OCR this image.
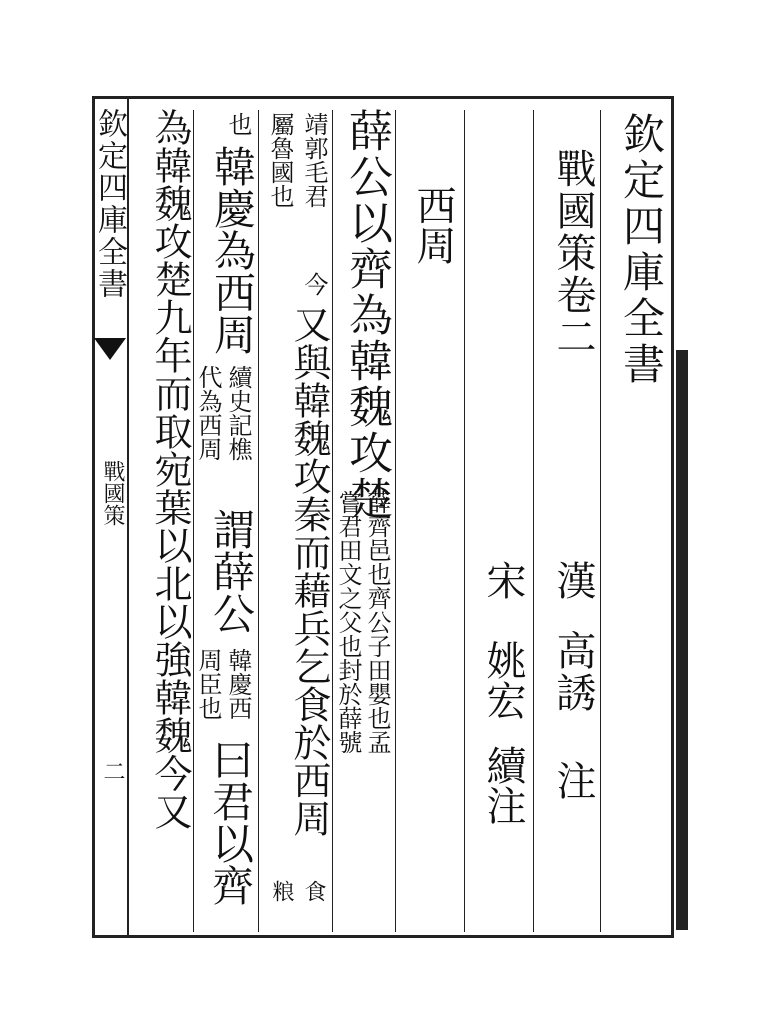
欽定四庫全書
戰國策
二
欽定四庫全書
戰國策卷二
漢
高誘
注
宋
姚宏
續注
西周
薛公以齊為韓魏攻楚
薛齊邑也齊公子田嬰也孟
嘗君田文之父也封於薛號
靖郭毛君
屬魯國也
今
又與韓魏攻秦而藉兵乞食於西周
食
粮
也
韓慶為西周
續史記樵
代為西周
謂薛公
韓慶西
周臣也
曰君以齊
為韓魏攻楚九年而取宛葉以北以強韓魏今又
